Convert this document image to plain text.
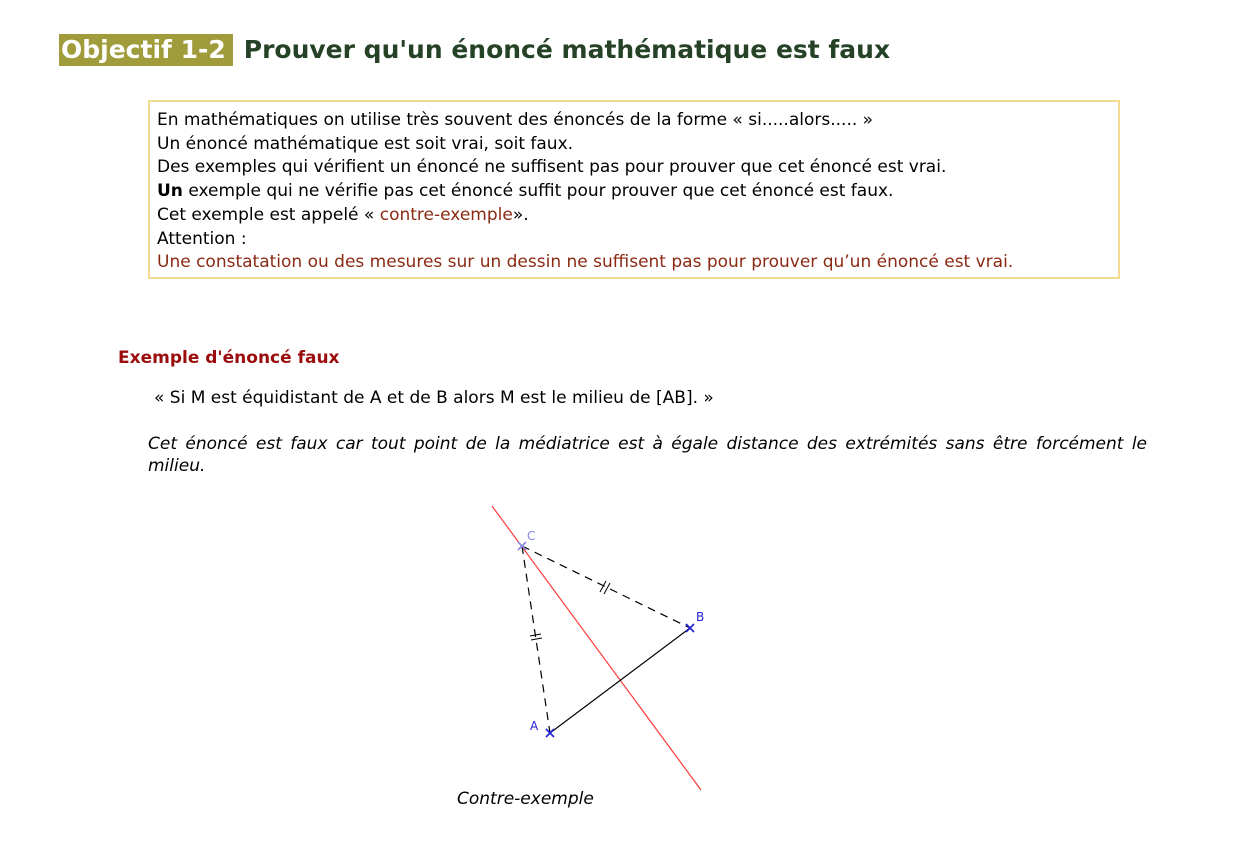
Objectif 1-2 Prouver qu'un énoncé mathématique est faux
En mathématiques on utilise très souvent des énoncés de la forme « si.....alors..... »
Un énoncé mathématique est soit vrai, soit faux.
Des exemples qui vérifient un énoncé ne suffisent pas pour prouver que cet énoncé est vrai.
Un exemple qui ne vérifie pas cet énoncé suffit pour prouver que cet énoncé est faux.
Cet exemple est appelé « contre-exemple».
Attention :
Une constatation ou des mesures sur un dessin ne suffisent pas pour prouver qu’un énoncé est vrai.
Exemple d'énoncé faux
« Si M est équidistant de A et de B alors M est le milieu de [AB]. »
Cet énoncé est faux car tout point de la médiatrice est à égale distance des extrémités sans être forcément le milieu.
A
B
C
Contre-exemple
